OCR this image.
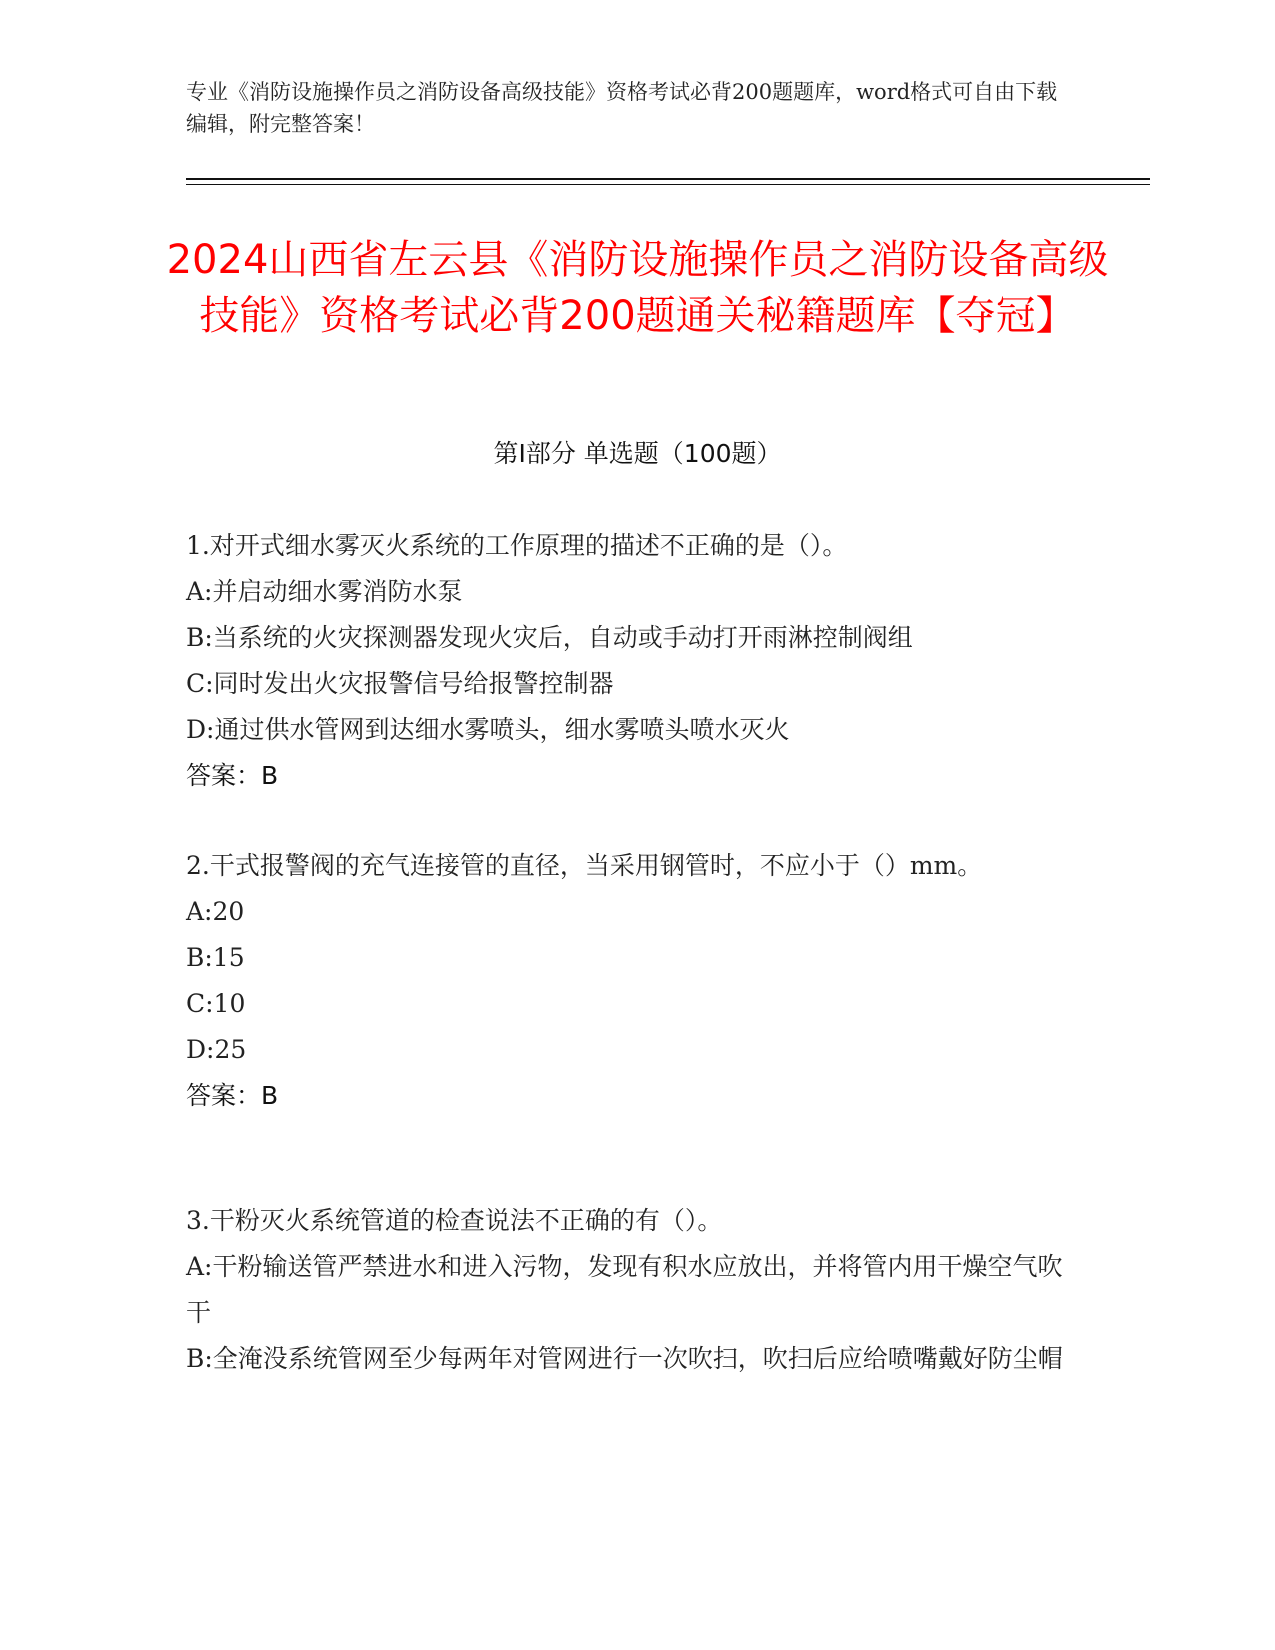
专业《消防设施操作员之消防设备高级技能》资格考试必背200题题库，word格式可自由下载编辑，附完整答案！
2024山西省左云县《消防设施操作员之消防设备高级技能》资格考试必背200题通关秘籍题库【夺冠】
第I部分 单选题（100题）
1.对开式细水雾灭火系统的工作原理的描述不正确的是（）。
A:并启动细水雾消防水泵
B:当系统的火灾探测器发现火灾后，自动或手动打开雨淋控制阀组
C:同时发出火灾报警信号给报警控制器
D:通过供水管网到达细水雾喷头，细水雾喷头喷水灭火
答案：B
2.干式报警阀的充气连接管的直径，当采用钢管时，不应小于（）mm。
A:20
B:15
C:10
D:25
答案：B
3.干粉灭火系统管道的检查说法不正确的有（）。
A:干粉输送管严禁进水和进入污物，发现有积水应放出，并将管内用干燥空气吹干
B:全淹没系统管网至少每两年对管网进行一次吹扫，吹扫后应给喷嘴戴好防尘帽
